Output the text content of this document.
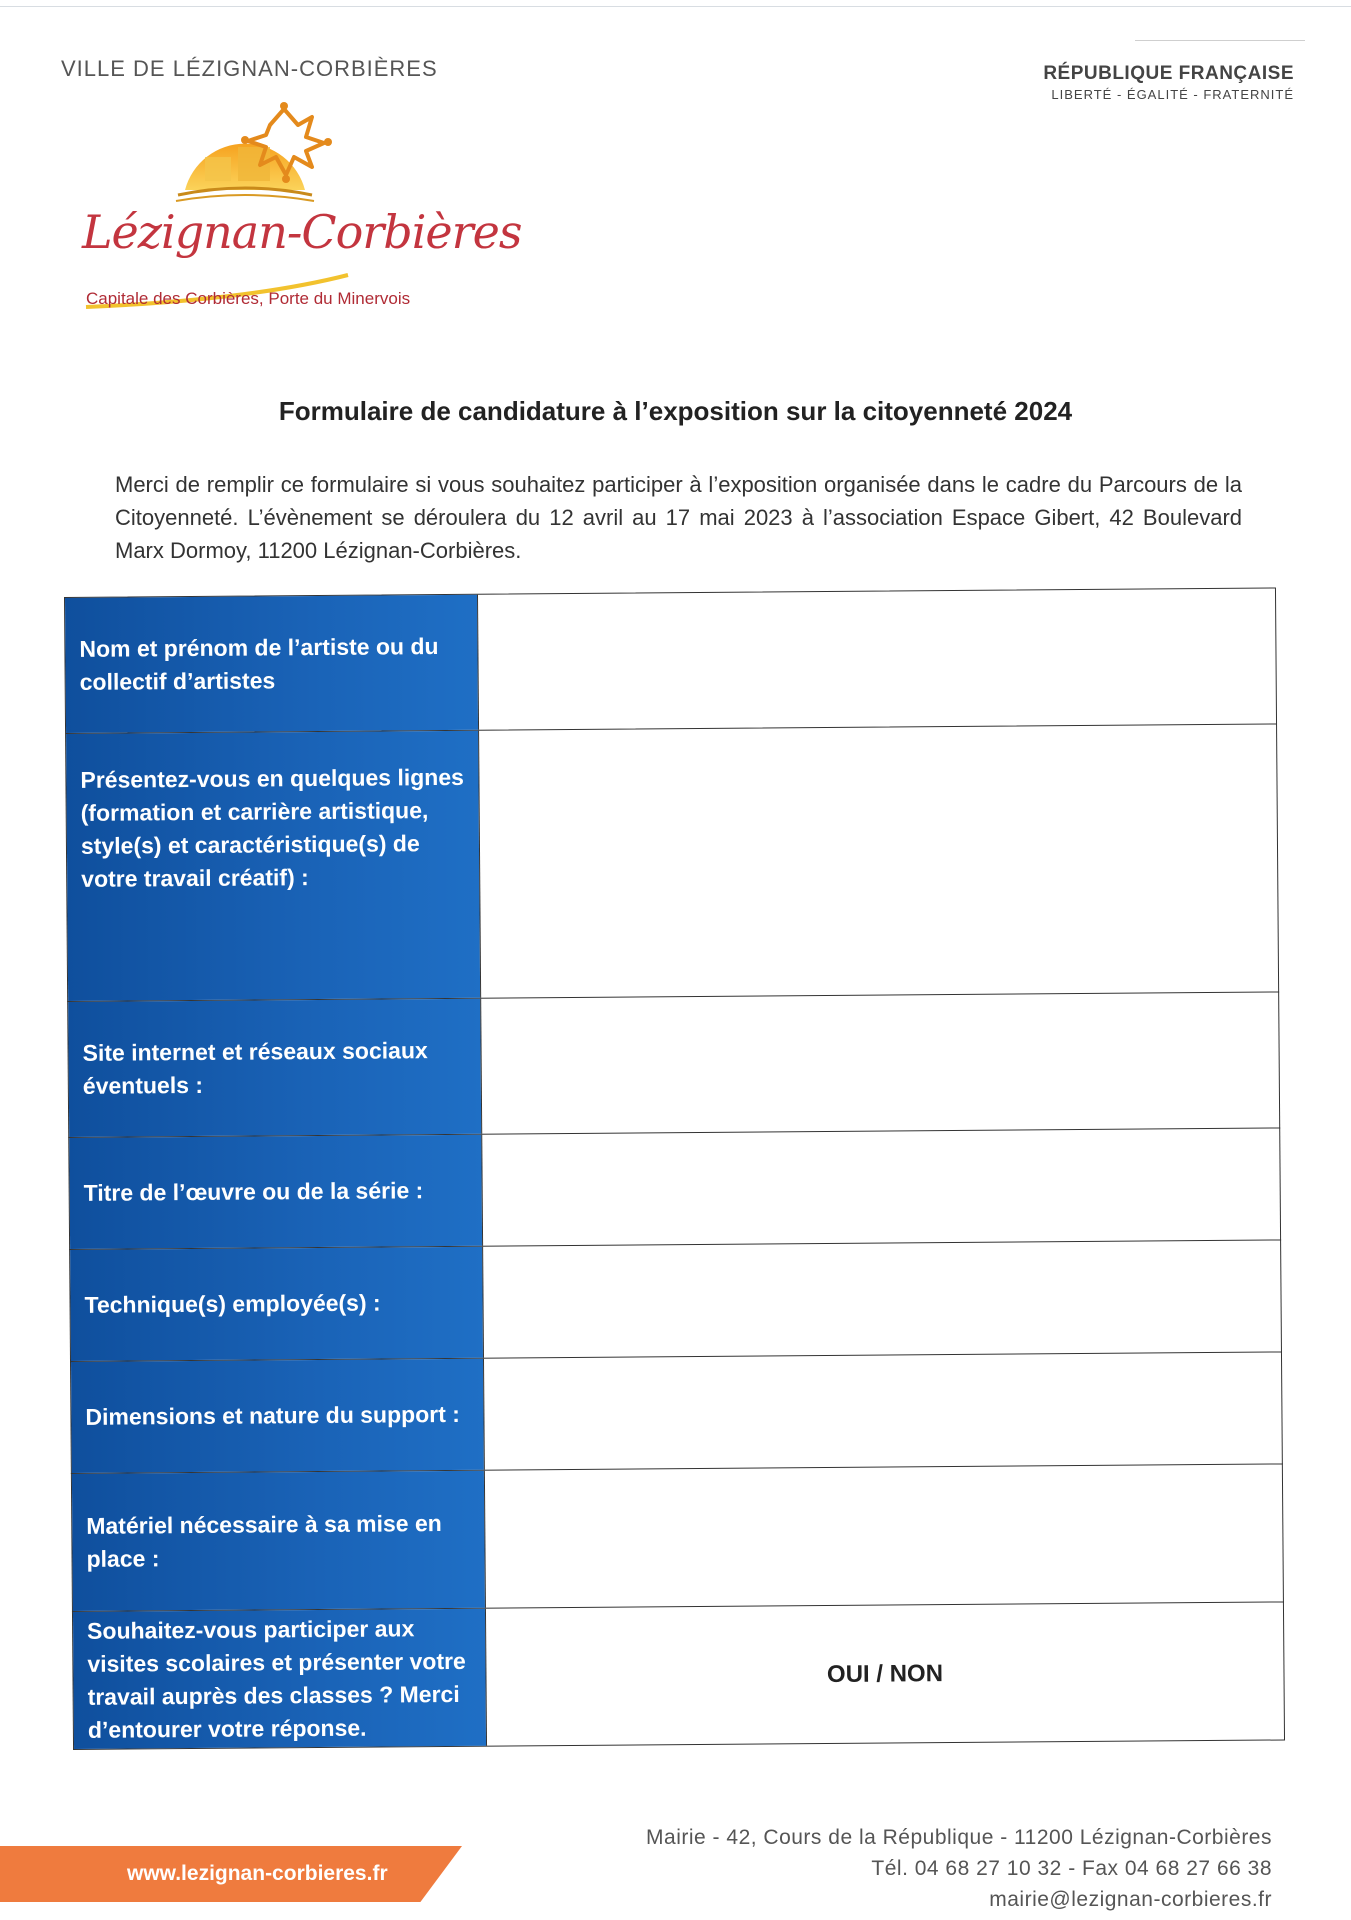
VILLE DE LÉZIGNAN-CORBIÈRES	RÉPUBLIQUE FRANÇAISE
LIBERTÉ - ÉGALITÉ - FRATERNITÉ
Lézignan-Corbières
Capitale des Corbières, Porte du Minervois
Formulaire de candidature à l’exposition sur la citoyenneté 2024
Merci de remplir ce formulaire si vous souhaitez participer à l’exposition organisée dans le cadre du Parcours de la Citoyenneté. L’évènement se déroulera du 12 avril au 17 mai 2023 à l’association Espace Gibert, 42 Boulevard Marx Dormoy, 11200 Lézignan-Corbières.
Nom et prénom de l’artiste ou du collectif d’artistes
Présentez-vous en quelques lignes (formation et carrière artistique, style(s) et caractéristique(s) de votre travail créatif) :
Site internet et réseaux sociaux éventuels :
Titre de l’œuvre ou de la série :
Technique(s) employée(s) :
Dimensions et nature du support :
Matériel nécessaire à sa mise en place :
Souhaitez-vous participer aux visites scolaires et présenter votre travail auprès des classes ? Merci d’entourer votre réponse.
OUI / NON
www.lezignan-corbieres.fr
Mairie - 42, Cours de la République - 11200 Lézignan-Corbières
Tél. 04 68 27 10 32 - Fax 04 68 27 66 38
mairie@lezignan-corbieres.fr
